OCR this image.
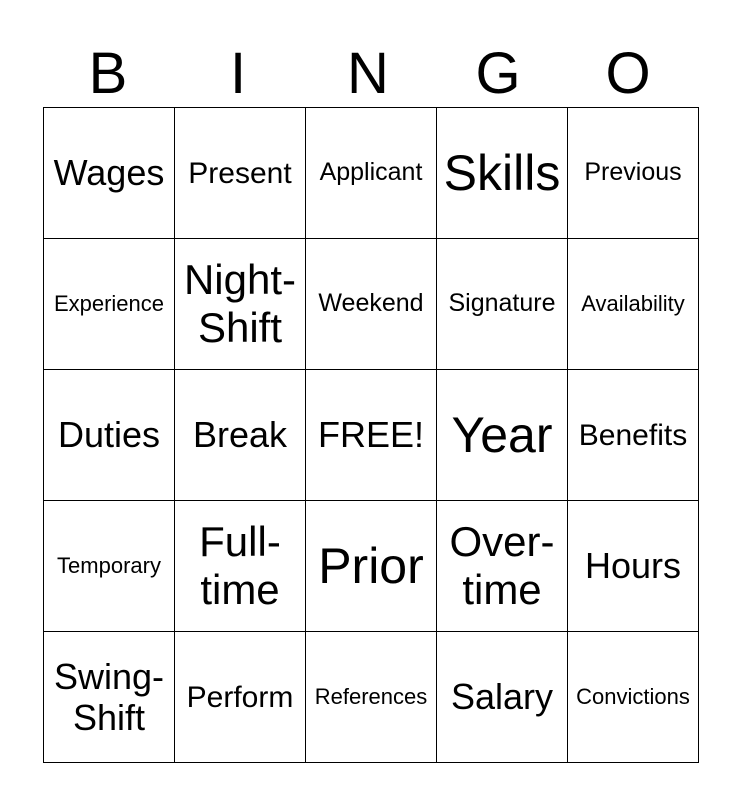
B	I	N	G	O
Wages	Present	Applicant	Skills	Previous

Experience	Night-Shift	Weekend	Signature	Availability

Duties	Break	FREE!	Year	Benefits

Temporary	Full-time	Prior	Over-time	Hours

Swing-Shift	Perform	References	Salary	Convictions
